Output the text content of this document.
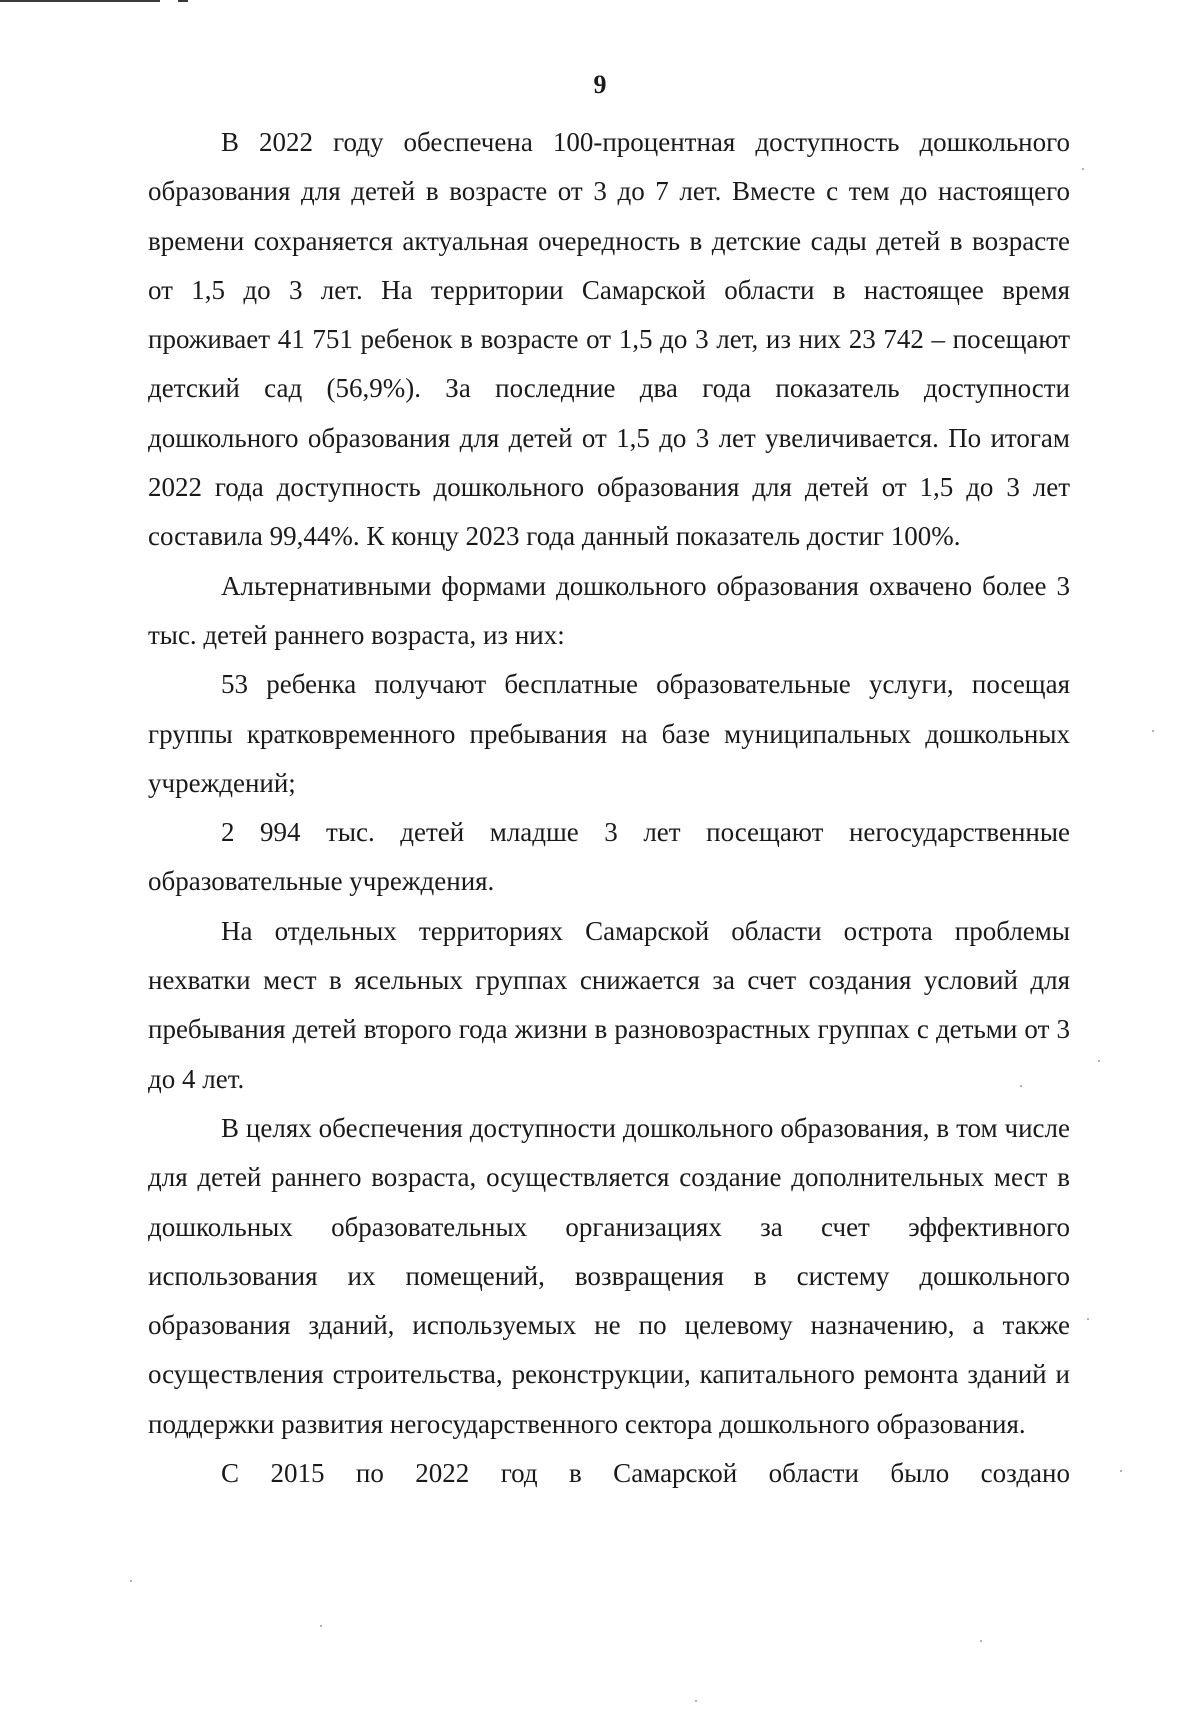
9

В 2022 году обеспечена 100-процентная доступность дошкольного образования для детей в возрасте от 3 до 7 лет. Вместе с тем до настоящего времени сохраняется актуальная очередность в детские сады детей в возрасте от 1,5 до 3 лет. На территории Самарской области в настоящее время проживает 41 751 ребенок в возрасте от 1,5 до 3 лет, из них 23 742 – посещают детский сад (56,9%). За последние два года показатель доступности дошкольного образования для детей от 1,5 до 3 лет увеличивается. По итогам 2022 года доступность дошкольного образования для детей от 1,5 до 3 лет составила 99,44%. К концу 2023 года данный показатель достиг 100%.

Альтернативными формами дошкольного образования охвачено более 3 тыс. детей раннего возраста, из них:

53 ребенка получают бесплатные образовательные услуги, посещая группы кратковременного пребывания на базе муниципальных дошкольных учреждений;

2 994 тыс. детей младше 3 лет посещают негосударственные образовательные учреждения.

На отдельных территориях Самарской области острота проблемы нехватки мест в ясельных группах снижается за счет создания условий для пребывания детей второго года жизни в разновозрастных группах с детьми от 3 до 4 лет.

В целях обеспечения доступности дошкольного образования, в том числе для детей раннего возраста, осуществляется создание дополнительных мест в дошкольных образовательных организациях за счет эффективного использования их помещений, возвращения в систему дошкольного образования зданий, используемых не по целевому назначению, а также осуществления строительства, реконструкции, капитального ремонта зданий и поддержки развития негосударственного сектора дошкольного образования.

С 2015 по 2022 год в Самарской области было создано
